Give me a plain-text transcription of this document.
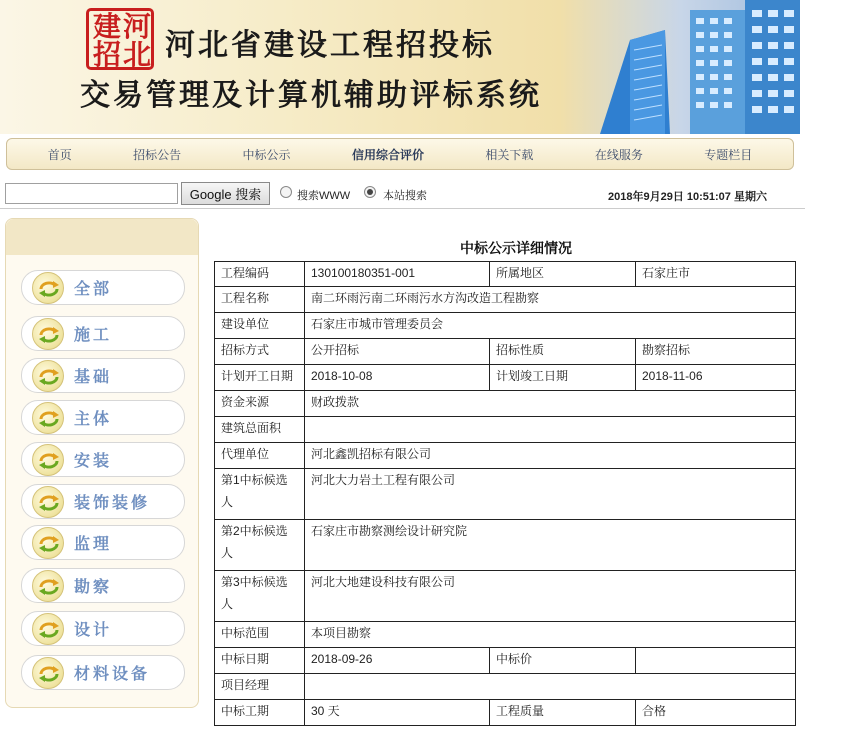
建 河
招 北 河北省建设工程招投标
交易管理及计算机辅助评标系统
首页	招标公告	中标公示	信用综合评价	相关下载	在线服务	专题栏目
Google 搜索	搜索WWW	本站搜索	2018年9月29日 10:51:07 星期六
全部
施工
基础
主体
安装
装饰装修
监理
勘察
设计
材料设备
中标公示详细情况
工程编码	130100180351-001	所属地区	石家庄市
工程名称	南二环雨污南二环雨污水方沟改造工程勘察		
建设单位	石家庄市城市管理委员会		
招标方式	公开招标	招标性质	勘察招标
计划开工日期	2018-10-08	计划竣工日期	2018-11-06
资金来源	财政拨款		
建筑总面积			
代理单位	河北鑫凯招标有限公司		
第1中标候选人	河北大力岩土工程有限公司		
第2中标候选人	石家庄市勘察测绘设计研究院		
第3中标候选人	河北大地建设科技有限公司		
中标范围	本项目勘察		
中标日期	2018-09-26	中标价	
项目经理			
中标工期	30 天	工程质量	合格
